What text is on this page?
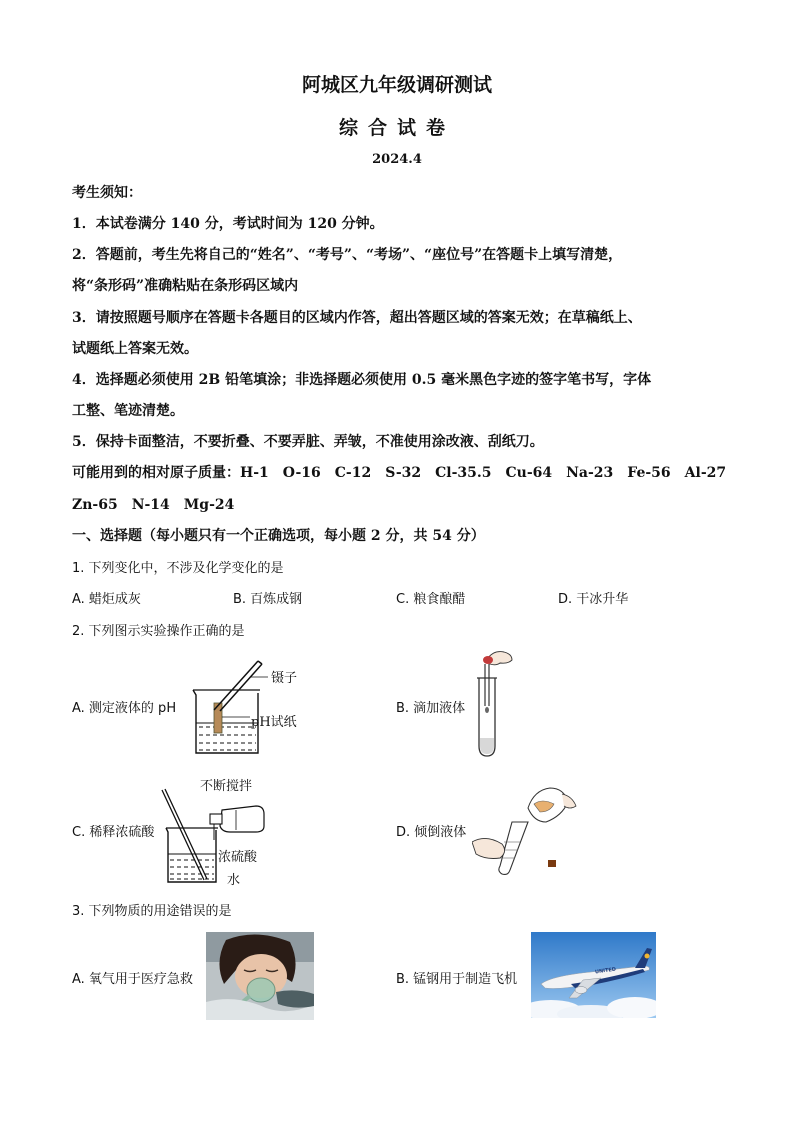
阿城区九年级调研测试
综合试卷
2024.4
考生须知：
1．本试卷满分 140 分，考试时间为 120 分钟。
2．答题前，考生先将自己的“姓名”、“考号”、“考场”、“座位号”在答题卡上填写清楚，
将“条形码”准确粘贴在条形码区域内
3．请按照题号顺序在答题卡各题目的区域内作答，超出答题区域的答案无效；在草稿纸上、
试题纸上答案无效。
4．选择题必须使用 2B 铅笔填涂；非选择题必须使用 0.5 毫米黑色字迹的签字笔书写，字体
工整、笔迹清楚。
5．保持卡面整洁，不要折叠、不要弄脏、弄皱，不准使用涂改液、刮纸刀。
可能用到的相对原子质量：H-1　O-16　C-12　S-32　Cl-35.5　Cu-64　Na-23　Fe-56　Al-27
Zn-65　N-14　Mg-24
一、选择题（每小题只有一个正确选项，每小题 2 分，共 54 分）
1. 下列变化中，不涉及化学变化的是
A. 蜡炬成灰	B. 百炼成钢	C. 粮食酿醋	D. 干冰升华
2. 下列图示实验操作正确的是
A. 测定液体的 pH
镊子
pH试纸
B. 滴加液体
C. 稀释浓硫酸
不断搅拌
浓硫酸
水
D. 倾倒液体
3. 下列物质的用途错误的是
A. 氧气用于医疗急救	B. 锰钢用于制造飞机
UNITED
